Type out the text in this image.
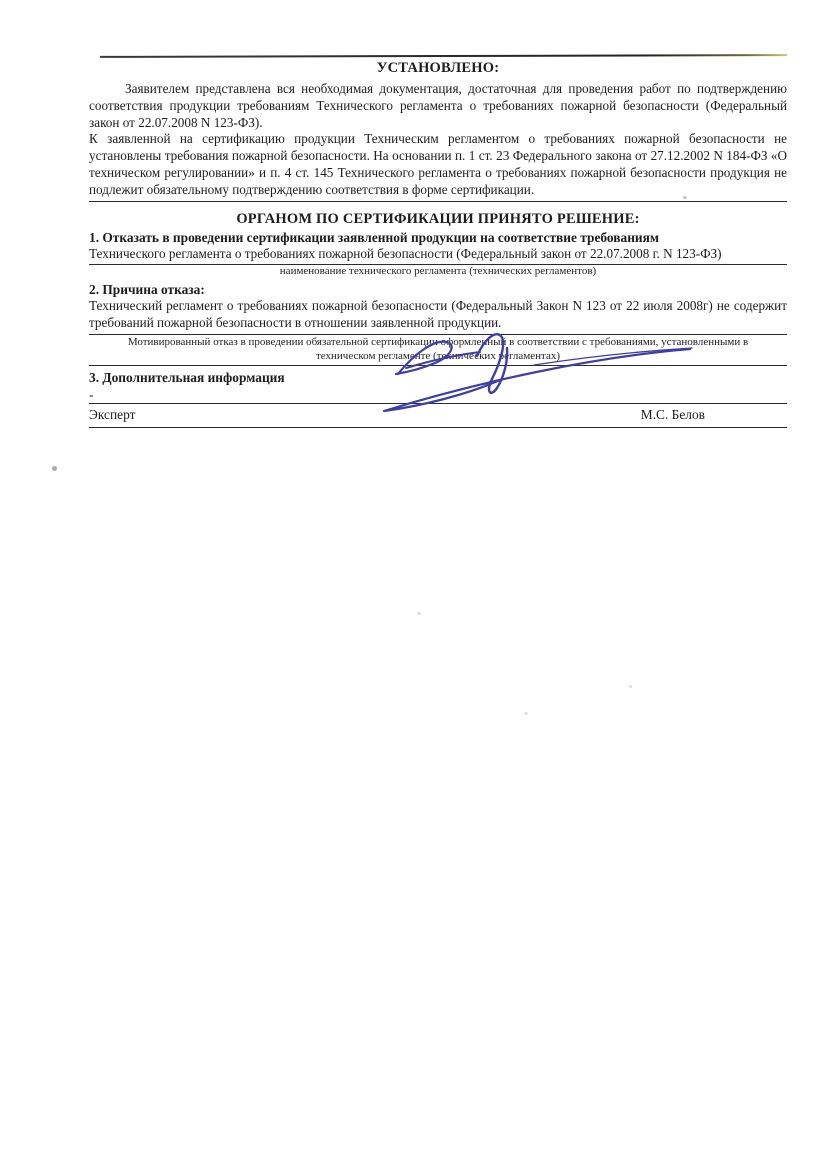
УСТАНОВЛЕНО:

Заявителем представлена вся необходимая документация, достаточная для проведения работ по подтверждению соответствия продукции требованиям Технического регламента о требованиях пожарной безопасности (Федеральный закон от 22.07.2008 N 123-ФЗ).

К заявленной на сертификацию продукции Техническим регламентом о требованиях пожарной безопасности не установлены требования пожарной безопасности. На основании п. 1 ст. 23 Федерального закона от 27.12.2002 N 184-ФЗ «О техническом регулировании» и п. 4 ст. 145 Технического регламента о требованиях пожарной безопасности продукция не подлежит обязательному подтверждению соответствия в форме сертификации.

ОРГАНОМ ПО СЕРТИФИКАЦИИ ПРИНЯТО РЕШЕНИЕ:

1. Отказать в проведении сертификации заявленной продукции на соответствие требованиям

Технического регламента о требованиях пожарной безопасности (Федеральный закон от 22.07.2008 г. N 123-ФЗ)

наименование технического регламента (технических регламентов)

2. Причина отказа:

Технический регламент о требованиях пожарной безопасности (Федеральный Закон N 123 от 22 июля 2008г) не содержит требований пожарной безопасности в отношении заявленной продукции.

Мотивированный отказ в проведении обязательной сертификации оформленный в соответствии с требованиями, установленными в техническом регламенте (технических регламентах)

3. Дополнительная информация

-

Эксперт	М.С. Белов
